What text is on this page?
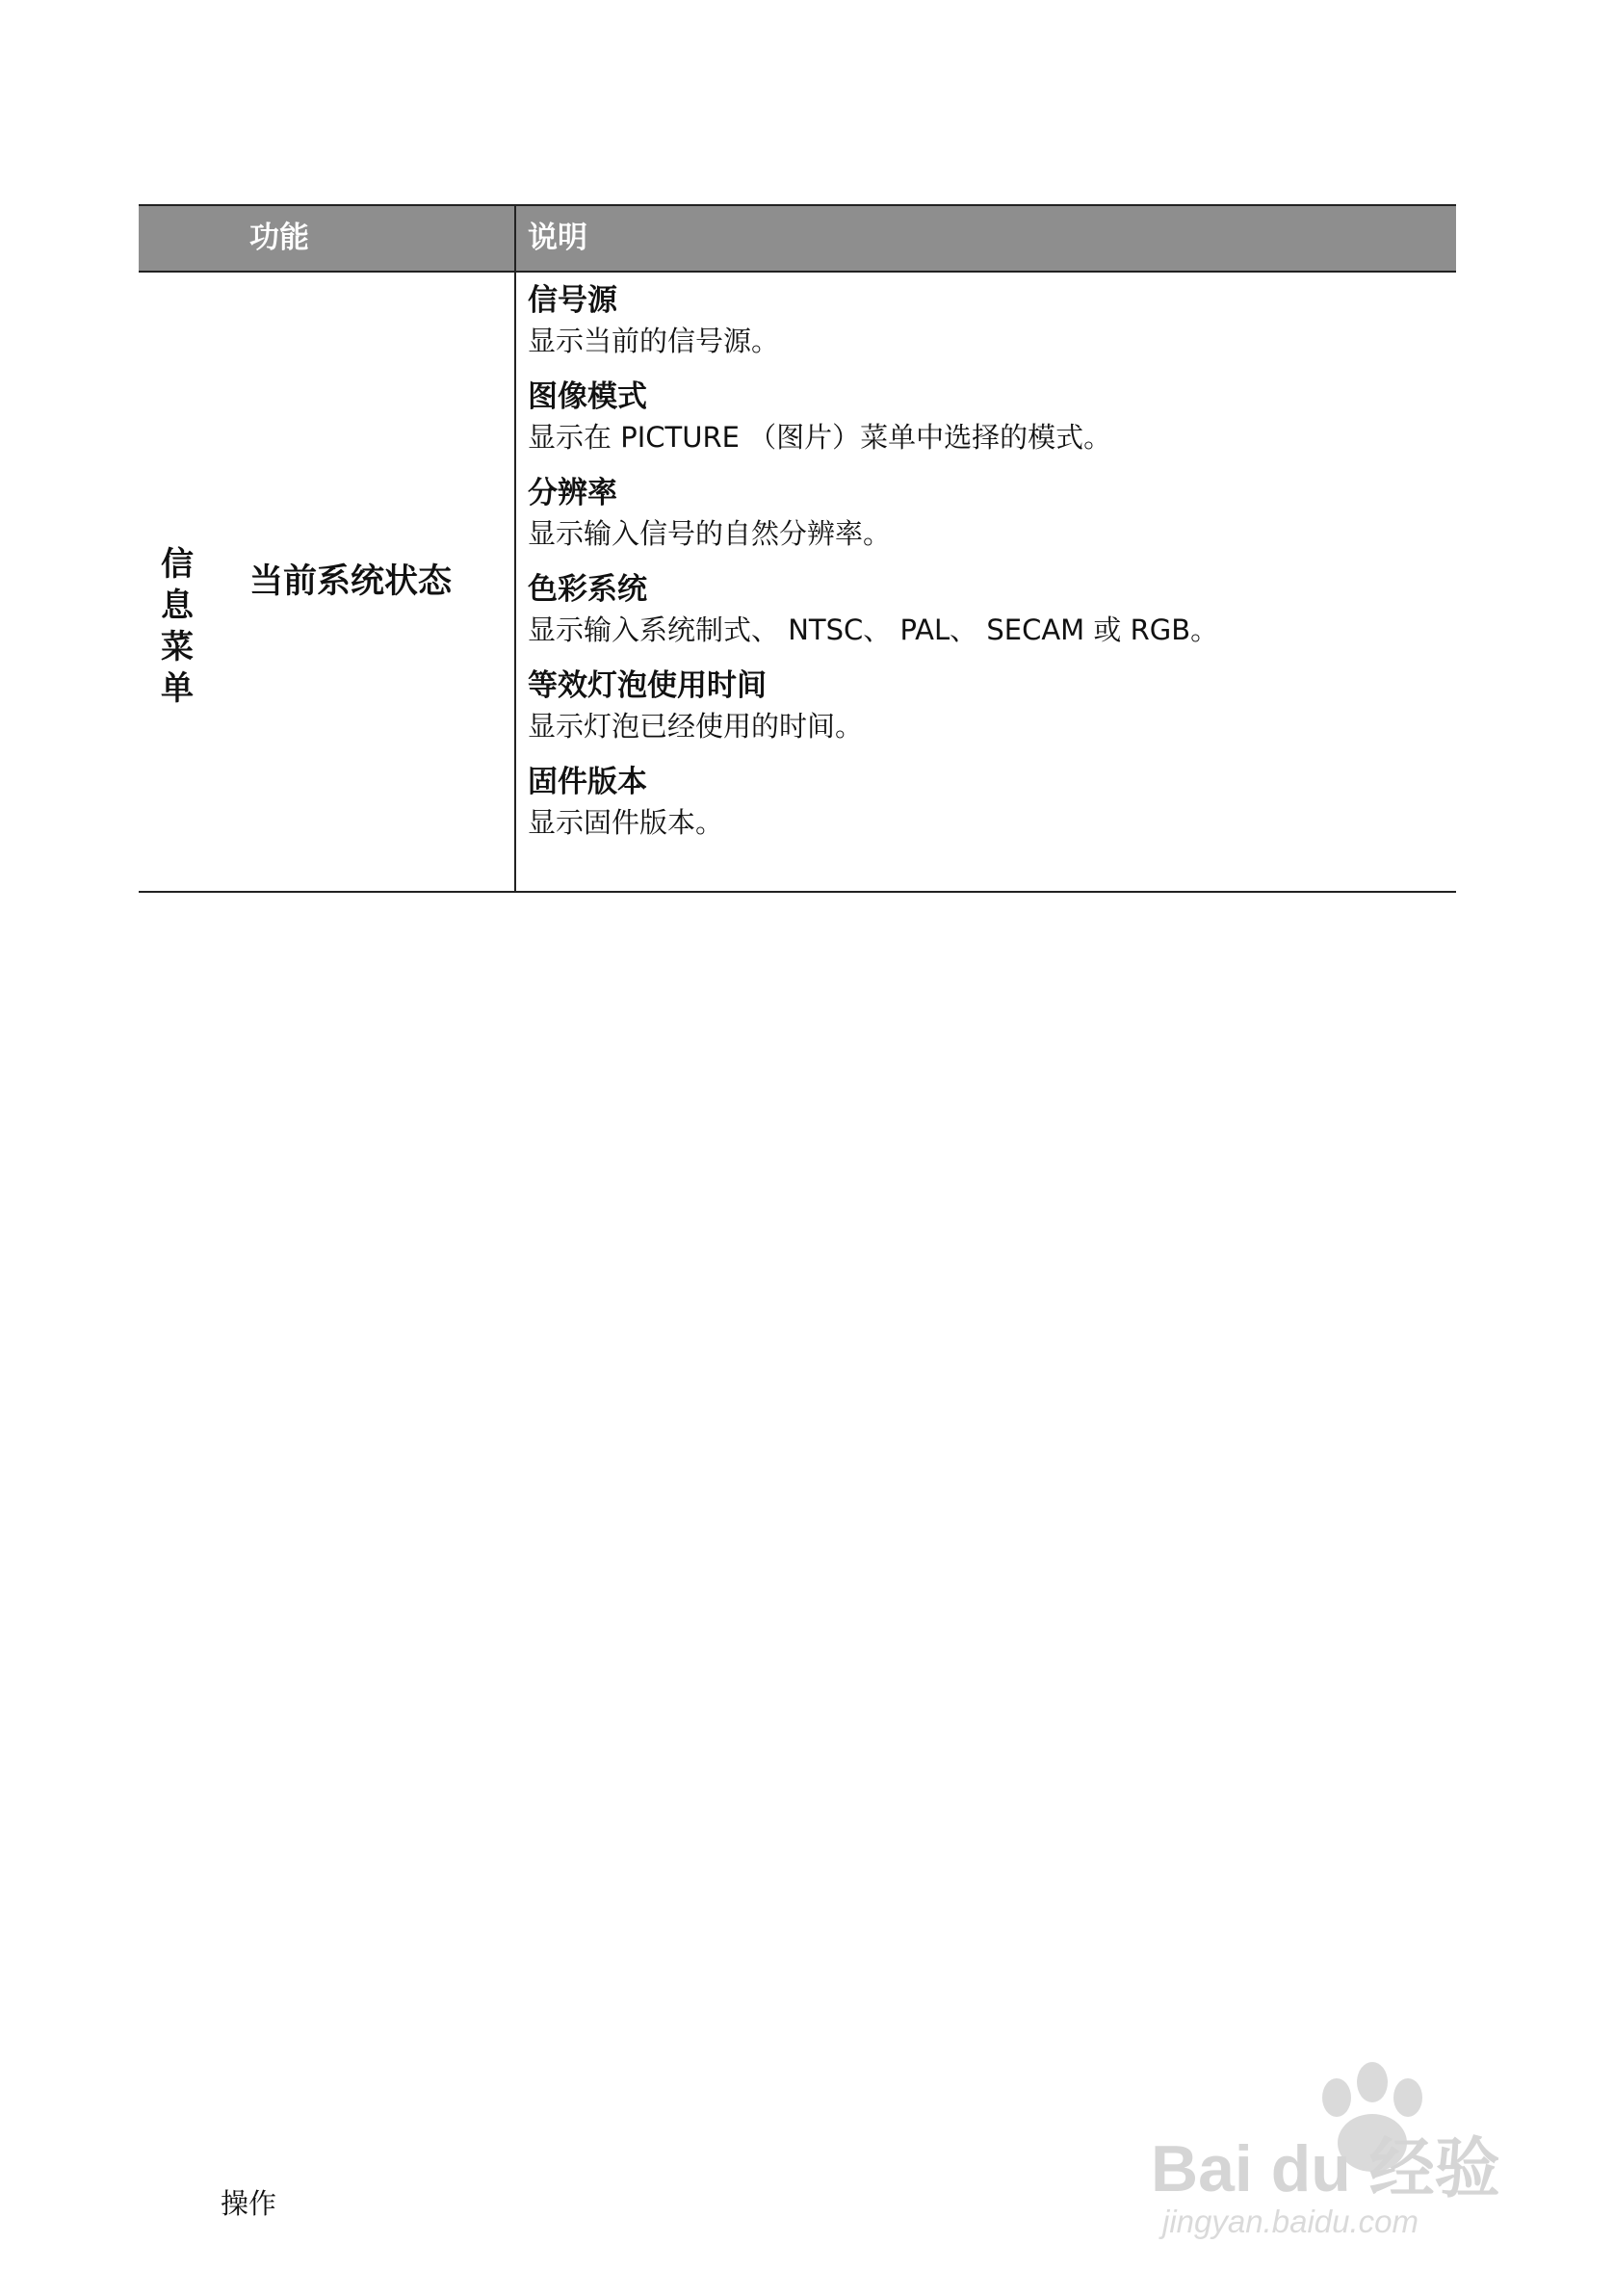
功能	说明
信息菜单
当前系统状态
信号源
显示当前的信号源。
图像模式
显示在 PICTURE （图片）菜单中选择的模式。
分辨率
显示输入信号的自然分辨率。
色彩系统
显示输入系统制式、 NTSC、 PAL、 SECAM 或 RGB。
等效灯泡使用时间
显示灯泡已经使用的时间。
固件版本
显示固件版本。
操作	Bai du 经验
jingyan.baidu.com
